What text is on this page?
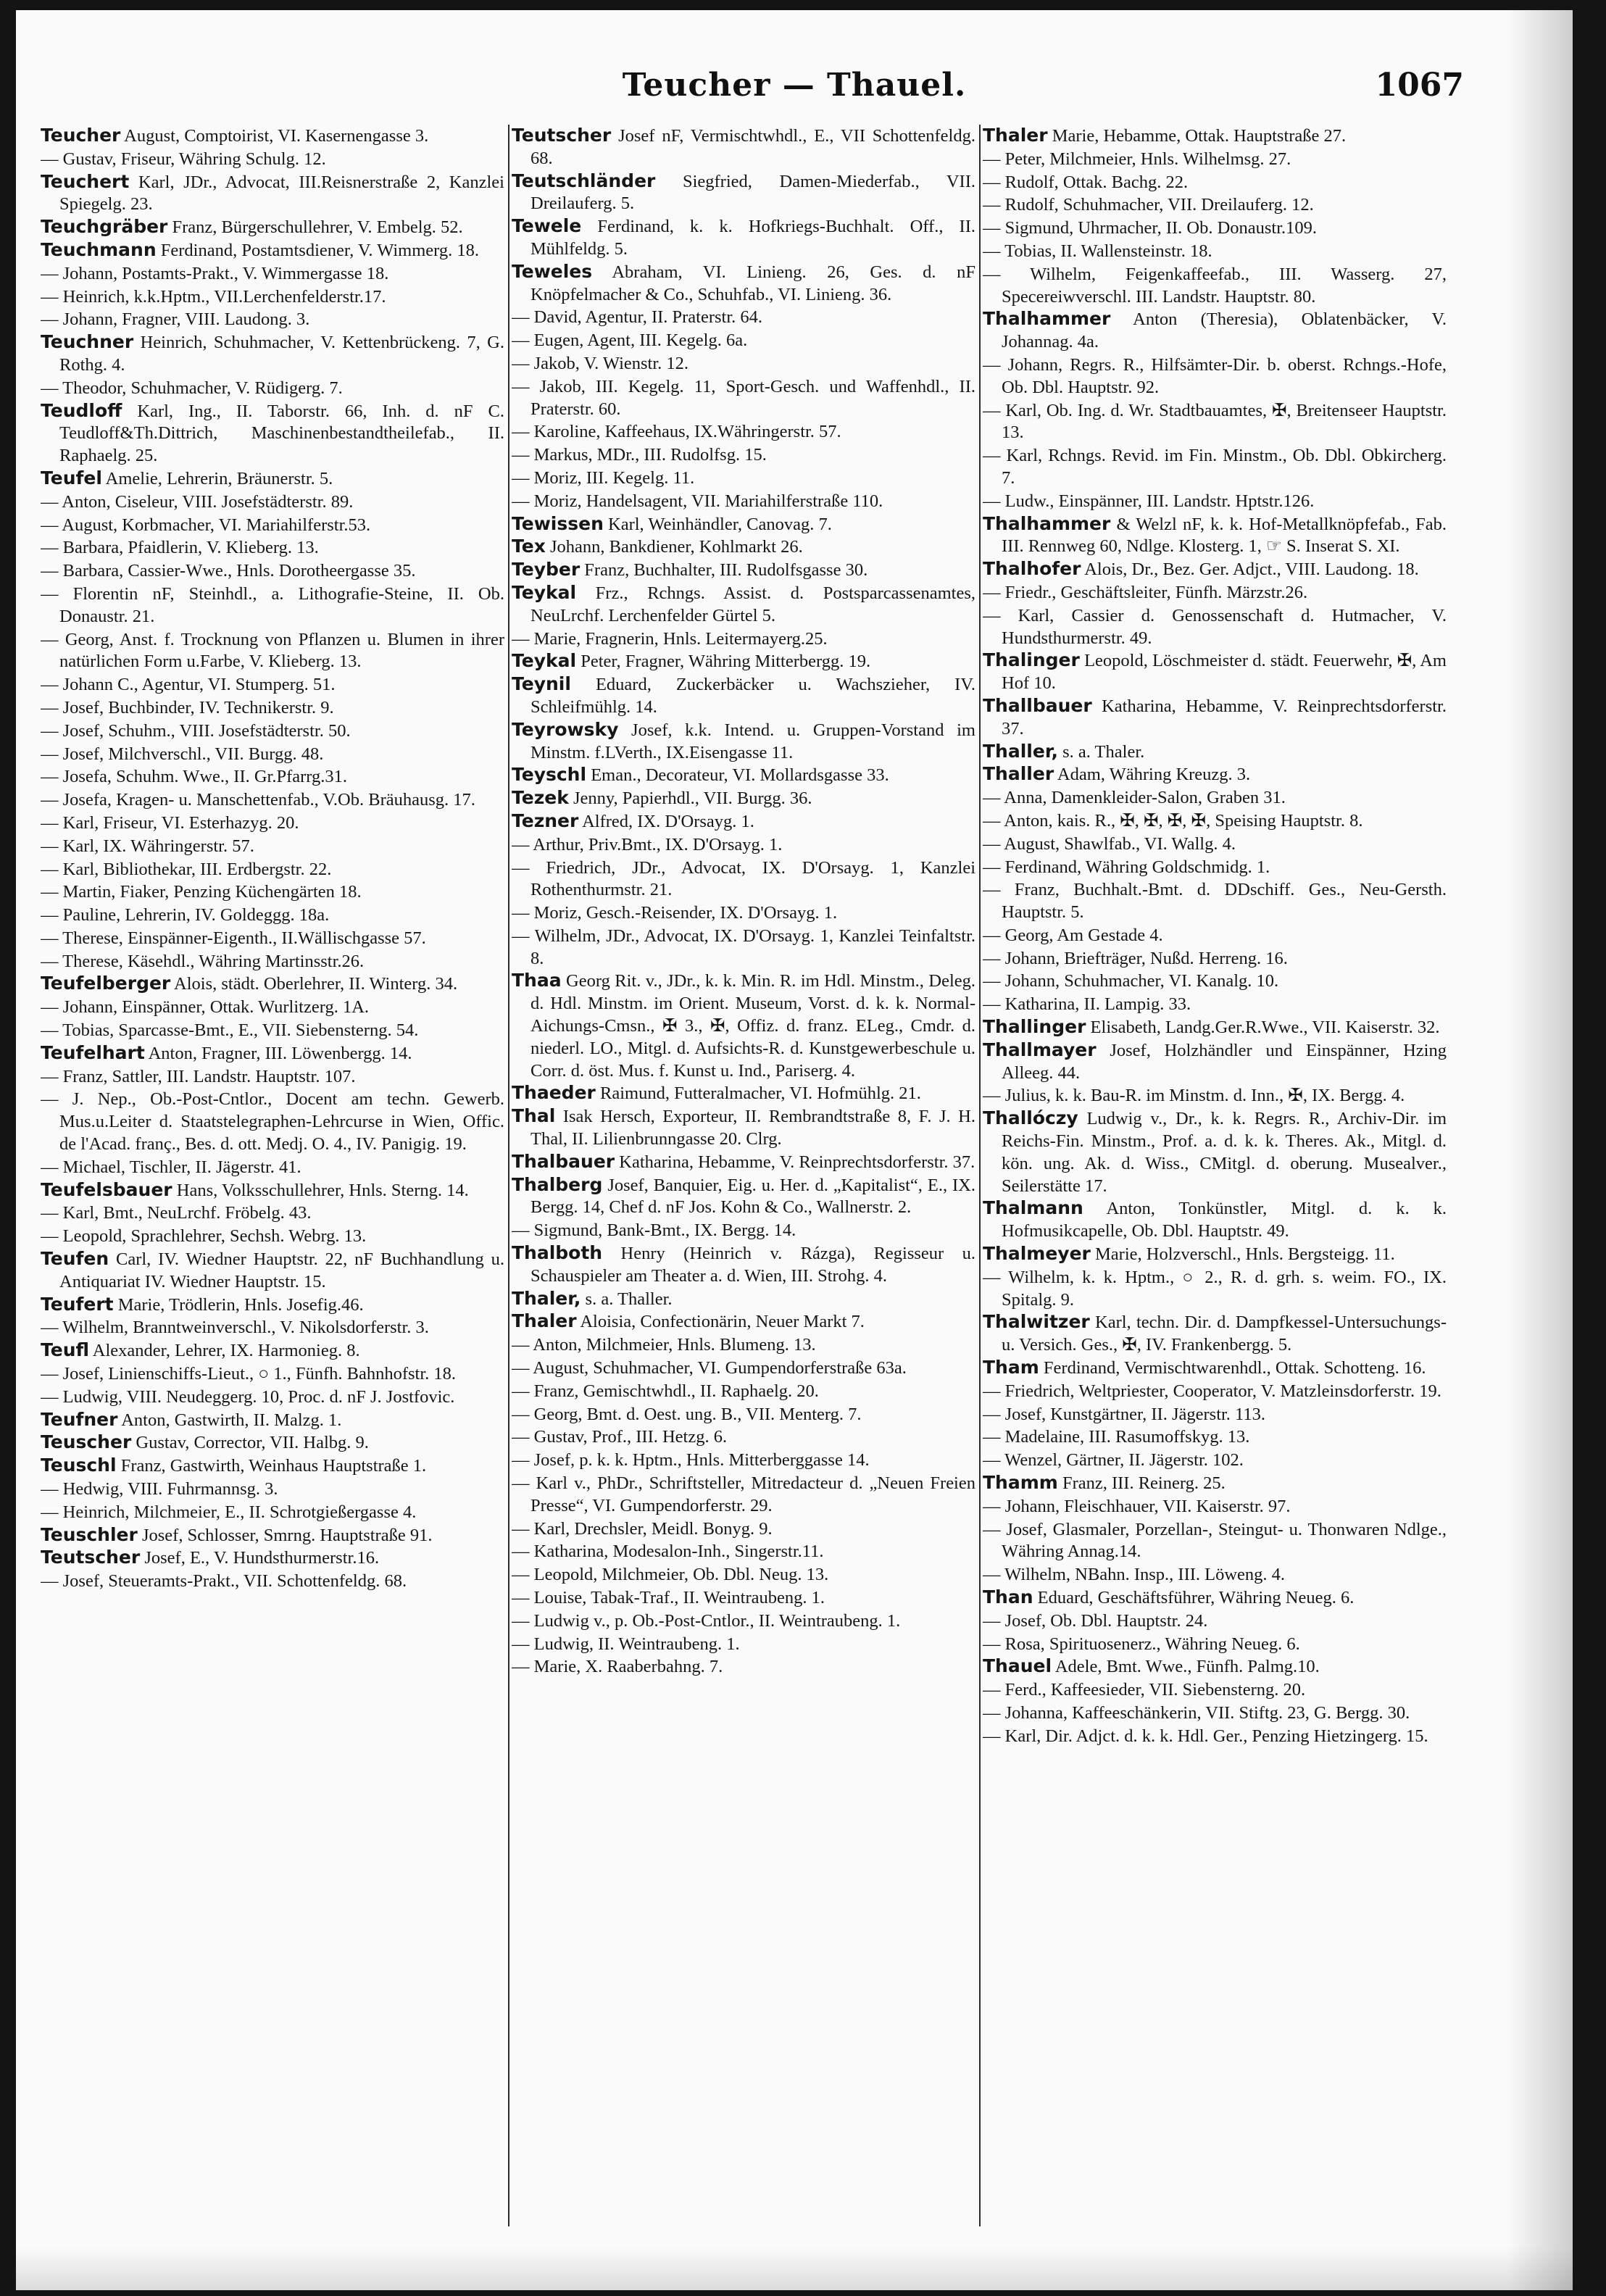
Teucher — Thauel.	1067
Teucher August, Comptoirist, VI. Kasernengasse 3.
— Gustav, Friseur, Währing Schulg. 12.
Teuchert Karl, JDr., Advocat, III.Reisnerstraße 2, Kanzlei Spiegelg. 23.
Teuchgräber Franz, Bürgerschullehrer, V. Embelg. 52.
Teuchmann Ferdinand, Postamtsdiener, V. Wimmerg. 18.
— Johann, Postamts-Prakt., V. Wimmergasse 18.
— Heinrich, k.k.Hptm., VII.Lerchenfelderstr.17.
— Johann, Fragner, VIII. Laudong. 3.
Teuchner Heinrich, Schuhmacher, V. Kettenbrückeng. 7, G. Rothg. 4.
— Theodor, Schuhmacher, V. Rüdigerg. 7.
Teudloff Karl, Ing., II. Taborstr. 66, Inh. d. nF C. Teudloff&Th.Dittrich, Maschinenbestandtheilefab., II. Raphaelg. 25.
Teufel Amelie, Lehrerin, Bräunerstr. 5.
— Anton, Ciseleur, VIII. Josefstädterstr. 89.
— August, Korbmacher, VI. Mariahilferstr.53.
— Barbara, Pfaidlerin, V. Klieberg. 13.
— Barbara, Cassier-Wwe., Hnls. Dorotheergasse 35.
— Florentin nF, Steinhdl., a. Lithografie-Steine, II. Ob. Donaustr. 21.
— Georg, Anst. f. Trocknung von Pflanzen u. Blumen in ihrer natürlichen Form u.Farbe, V. Klieberg. 13.
— Johann C., Agentur, VI. Stumperg. 51.
— Josef, Buchbinder, IV. Technikerstr. 9.
— Josef, Schuhm., VIII. Josefstädterstr. 50.
— Josef, Milchverschl., VII. Burgg. 48.
— Josefa, Schuhm. Wwe., II. Gr.Pfarrg.31.
— Josefa, Kragen- u. Manschettenfab., V.Ob. Bräuhausg. 17.
— Karl, Friseur, VI. Esterhazyg. 20.
— Karl, IX. Währingerstr. 57.
— Karl, Bibliothekar, III. Erdbergstr. 22.
— Martin, Fiaker, Penzing Küchengärten 18.
— Pauline, Lehrerin, IV. Goldeggg. 18a.
— Therese, Einspänner-Eigenth., II.Wällischgasse 57.
— Therese, Käsehdl., Währing Martinsstr.26.
Teufelberger Alois, städt. Oberlehrer, II. Winterg. 34.
— Johann, Einspänner, Ottak. Wurlitzerg. 1A.
— Tobias, Sparcasse-Bmt., E., VII. Siebensterng. 54.
Teufelhart Anton, Fragner, III. Löwenbergg. 14.
— Franz, Sattler, III. Landstr. Hauptstr. 107.
— J. Nep., Ob.-Post-Cntlor., Docent am techn. Gewerb. Mus.u.Leiter d. Staatstelegraphen-Lehrcurse in Wien, Offic. de l'Acad. franç., Bes. d. ott. Medj. O. 4., IV. Panigig. 19.
— Michael, Tischler, II. Jägerstr. 41.
Teufelsbauer Hans, Volksschullehrer, Hnls. Sterng. 14.
— Karl, Bmt., NeuLrchf. Fröbelg. 43.
— Leopold, Sprachlehrer, Sechsh. Webrg. 13.
Teufen Carl, IV. Wiedner Hauptstr. 22, nF Buchhandlung u. Antiquariat IV. Wiedner Hauptstr. 15.
Teufert Marie, Trödlerin, Hnls. Josefig.46.
— Wilhelm, Branntweinverschl., V. Nikolsdorferstr. 3.
Teufl Alexander, Lehrer, IX. Harmonieg. 8.
— Josef, Linienschiffs-Lieut., ○ 1., Fünfh. Bahnhofstr. 18.
— Ludwig, VIII. Neudeggerg. 10, Proc. d. nF J. Jostfovic.
Teufner Anton, Gastwirth, II. Malzg. 1.
Teuscher Gustav, Corrector, VII. Halbg. 9.
Teuschl Franz, Gastwirth, Weinhaus Hauptstraße 1.
— Hedwig, VIII. Fuhrmannsg. 3.
— Heinrich, Milchmeier, E., II. Schrotgießergasse 4.
Teuschler Josef, Schlosser, Smrng. Hauptstraße 91.
Teutscher Josef, E., V. Hundsthurmerstr.16.
— Josef, Steueramts-Prakt., VII. Schottenfeldg. 68.
Teutscher Josef nF, Vermischtwhdl., E., VII Schottenfeldg. 68.
Teutschländer Siegfried, Damen-Miederfab., VII. Dreilauferg. 5.
Tewele Ferdinand, k. k. Hofkriegs-Buchhalt. Off., II. Mühlfeldg. 5.
Teweles Abraham, VI. Linieng. 26, Ges. d. nF Knöpfelmacher & Co., Schuhfab., VI. Linieng. 36.
— David, Agentur, II. Praterstr. 64.
— Eugen, Agent, III. Kegelg. 6a.
— Jakob, V. Wienstr. 12.
— Jakob, III. Kegelg. 11, Sport-Gesch. und Waffenhdl., II. Praterstr. 60.
— Karoline, Kaffeehaus, IX.Währingerstr. 57.
— Markus, MDr., III. Rudolfsg. 15.
— Moriz, III. Kegelg. 11.
— Moriz, Handelsagent, VII. Mariahilferstraße 110.
Tewissen Karl, Weinhändler, Canovag. 7.
Tex Johann, Bankdiener, Kohlmarkt 26.
Teyber Franz, Buchhalter, III. Rudolfsgasse 30.
Teykal Frz., Rchngs. Assist. d. Postsparcassenamtes, NeuLrchf. Lerchenfelder Gürtel 5.
— Marie, Fragnerin, Hnls. Leitermayerg.25.
Teykal Peter, Fragner, Währing Mitterbergg. 19.
Teynil Eduard, Zuckerbäcker u. Wachszieher, IV. Schleifmühlg. 14.
Teyrowsky Josef, k.k. Intend. u. Gruppen-Vorstand im Minstm. f.LVerth., IX.Eisengasse 11.
Teyschl Eman., Decorateur, VI. Mollardsgasse 33.
Tezek Jenny, Papierhdl., VII. Burgg. 36.
Tezner Alfred, IX. D'Orsayg. 1.
— Arthur, Priv.Bmt., IX. D'Orsayg. 1.
— Friedrich, JDr., Advocat, IX. D'Orsayg. 1, Kanzlei Rothenthurmstr. 21.
— Moriz, Gesch.-Reisender, IX. D'Orsayg. 1.
— Wilhelm, JDr., Advocat, IX. D'Orsayg. 1, Kanzlei Teinfaltstr. 8.
Thaa Georg Rit. v., JDr., k. k. Min. R. im Hdl. Minstm., Deleg. d. Hdl. Minstm. im Orient. Museum, Vorst. d. k. k. Normal-Aichungs-Cmsn., ✠ 3., ✠, Offiz. d. franz. ELeg., Cmdr. d. niederl. LO., Mitgl. d. Aufsichts-R. d. Kunstgewerbeschule u. Corr. d. öst. Mus. f. Kunst u. Ind., Pariserg. 4.
Thaeder Raimund, Futteralmacher, VI. Hofmühlg. 21.
Thal Isak Hersch, Exporteur, II. Rembrandtstraße 8, F. J. H. Thal, II. Lilienbrunngasse 20. Clrg.
Thalbauer Katharina, Hebamme, V. Reinprechtsdorferstr. 37.
Thalberg Josef, Banquier, Eig. u. Her. d. „Kapitalist“, E., IX. Bergg. 14, Chef d. nF Jos. Kohn & Co., Wallnerstr. 2.
— Sigmund, Bank-Bmt., IX. Bergg. 14.
Thalboth Henry (Heinrich v. Rázga), Regisseur u. Schauspieler am Theater a. d. Wien, III. Strohg. 4.
Thaler, s. a. Thaller.
Thaler Aloisia, Confectionärin, Neuer Markt 7.
— Anton, Milchmeier, Hnls. Blumeng. 13.
— August, Schuhmacher, VI. Gumpendorferstraße 63a.
— Franz, Gemischtwhdl., II. Raphaelg. 20.
— Georg, Bmt. d. Oest. ung. B., VII. Menterg. 7.
— Gustav, Prof., III. Hetzg. 6.
— Josef, p. k. k. Hptm., Hnls. Mitterberggasse 14.
— Karl v., PhDr., Schriftsteller, Mitredacteur d. „Neuen Freien Presse“, VI. Gumpendorferstr. 29.
— Karl, Drechsler, Meidl. Bonyg. 9.
— Katharina, Modesalon-Inh., Singerstr.11.
— Leopold, Milchmeier, Ob. Dbl. Neug. 13.
— Louise, Tabak-Traf., II. Weintraubeng. 1.
— Ludwig v., p. Ob.-Post-Cntlor., II. Weintraubeng. 1.
— Ludwig, II. Weintraubeng. 1.
— Marie, X. Raaberbahng. 7.
Thaler Marie, Hebamme, Ottak. Hauptstraße 27.
— Peter, Milchmeier, Hnls. Wilhelmsg. 27.
— Rudolf, Ottak. Bachg. 22.
— Rudolf, Schuhmacher, VII. Dreilauferg. 12.
— Sigmund, Uhrmacher, II. Ob. Donaustr.109.
— Tobias, II. Wallensteinstr. 18.
— Wilhelm, Feigenkaffeefab., III. Wasserg. 27, Specereiwverschl. III. Landstr. Hauptstr. 80.
Thalhammer Anton (Theresia), Oblatenbäcker, V. Johannag. 4a.
— Johann, Regrs. R., Hilfsämter-Dir. b. oberst. Rchngs.-Hofe, Ob. Dbl. Hauptstr. 92.
— Karl, Ob. Ing. d. Wr. Stadtbauamtes, ✠, Breitenseer Hauptstr. 13.
— Karl, Rchngs. Revid. im Fin. Minstm., Ob. Dbl. Obkircherg. 7.
— Ludw., Einspänner, III. Landstr. Hptstr.126.
Thalhammer & Welzl nF, k. k. Hof-Metallknöpfefab., Fab. III. Rennweg 60, Ndlge. Klosterg. 1, ☞ S. Inserat S. XI.
Thalhofer Alois, Dr., Bez. Ger. Adjct., VIII. Laudong. 18.
— Friedr., Geschäftsleiter, Fünfh. Märzstr.26.
— Karl, Cassier d. Genossenschaft d. Hutmacher, V. Hundsthurmerstr. 49.
Thalinger Leopold, Löschmeister d. städt. Feuerwehr, ✠, Am Hof 10.
Thallbauer Katharina, Hebamme, V. Reinprechtsdorferstr. 37.
Thaller, s. a. Thaler.
Thaller Adam, Währing Kreuzg. 3.
— Anna, Damenkleider-Salon, Graben 31.
— Anton, kais. R., ✠, ✠, ✠, ✠, Speising Hauptstr. 8.
— August, Shawlfab., VI. Wallg. 4.
— Ferdinand, Währing Goldschmidg. 1.
— Franz, Buchhalt.-Bmt. d. DDschiff. Ges., Neu-Gersth. Hauptstr. 5.
— Georg, Am Gestade 4.
— Johann, Briefträger, Nußd. Herreng. 16.
— Johann, Schuhmacher, VI. Kanalg. 10.
— Katharina, II. Lampig. 33.
Thallinger Elisabeth, Landg.Ger.R.Wwe., VII. Kaiserstr. 32.
Thallmayer Josef, Holzhändler und Einspänner, Hzing Alleeg. 44.
— Julius, k. k. Bau-R. im Minstm. d. Inn., ✠, IX. Bergg. 4.
Thallóczy Ludwig v., Dr., k. k. Regrs. R., Archiv-Dir. im Reichs-Fin. Minstm., Prof. a. d. k. k. Theres. Ak., Mitgl. d. kön. ung. Ak. d. Wiss., CMitgl. d. oberung. Musealver., Seilerstätte 17.
Thalmann Anton, Tonkünstler, Mitgl. d. k. k. Hofmusikcapelle, Ob. Dbl. Hauptstr. 49.
Thalmeyer Marie, Holzverschl., Hnls. Bergsteigg. 11.
— Wilhelm, k. k. Hptm., ○ 2., R. d. grh. s. weim. FO., IX. Spitalg. 9.
Thalwitzer Karl, techn. Dir. d. Dampfkessel-Untersuchungs- u. Versich. Ges., ✠, IV. Frankenbergg. 5.
Tham Ferdinand, Vermischtwarenhdl., Ottak. Schotteng. 16.
— Friedrich, Weltpriester, Cooperator, V. Matzleinsdorferstr. 19.
— Josef, Kunstgärtner, II. Jägerstr. 113.
— Madelaine, III. Rasumoffskyg. 13.
— Wenzel, Gärtner, II. Jägerstr. 102.
Thamm Franz, III. Reinerg. 25.
— Johann, Fleischhauer, VII. Kaiserstr. 97.
— Josef, Glasmaler, Porzellan-, Steingut- u. Thonwaren Ndlge., Währing Annag.14.
— Wilhelm, NBahn. Insp., III. Löweng. 4.
Than Eduard, Geschäftsführer, Währing Neueg. 6.
— Josef, Ob. Dbl. Hauptstr. 24.
— Rosa, Spirituosenerz., Währing Neueg. 6.
Thauel Adele, Bmt. Wwe., Fünfh. Palmg.10.
— Ferd., Kaffeesieder, VII. Siebensterng. 20.
— Johanna, Kaffeeschänkerin, VII. Stiftg. 23, G. Bergg. 30.
— Karl, Dir. Adjct. d. k. k. Hdl. Ger., Penzing Hietzingerg. 15.
